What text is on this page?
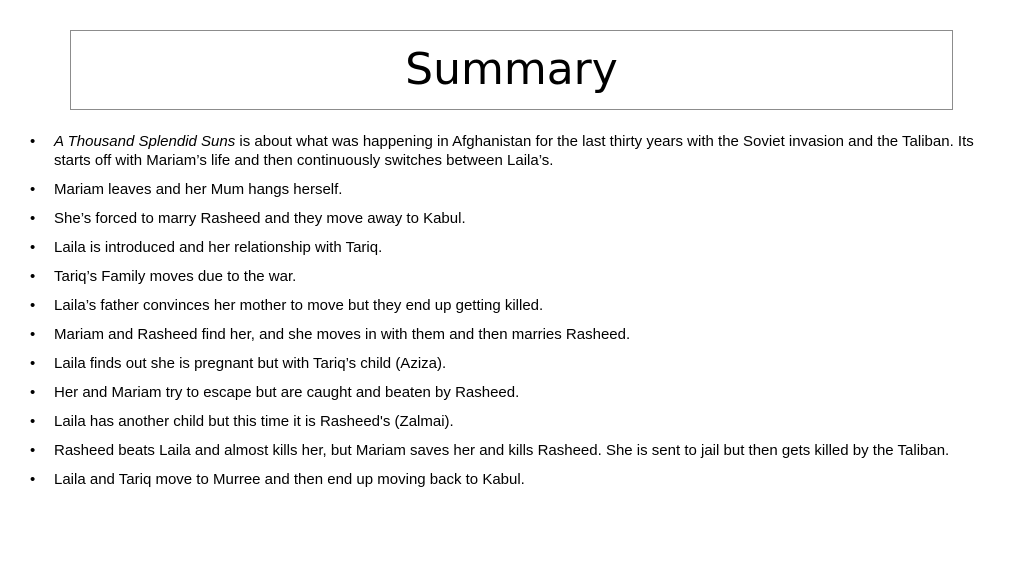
Summary
•	A Thousand Splendid Suns is about what was happening in Afghanistan for the last thirty years with the Soviet invasion and the Taliban. Its starts off with Mariam’s life and then continuously switches between Laila’s.
•	Mariam leaves and her Mum hangs herself.
•	She’s forced to marry Rasheed and they move away to Kabul.
•	Laila is introduced and her relationship with Tariq.
•	Tariq’s Family moves due to the war.
•	Laila’s father convinces her mother to move but they end up getting killed.
•	Mariam and Rasheed find her, and she moves in with them and then marries Rasheed.
•	Laila finds out she is pregnant but with Tariq’s child (Aziza).
•	Her and Mariam try to escape but are caught and beaten by Rasheed.
•	Laila has another child but this time it is Rasheed's (Zalmai).
•	Rasheed beats Laila and almost kills her, but Mariam saves her and kills Rasheed. She is sent to jail but then gets killed by the Taliban.
•	Laila and Tariq move to Murree and then end up moving back to Kabul.
